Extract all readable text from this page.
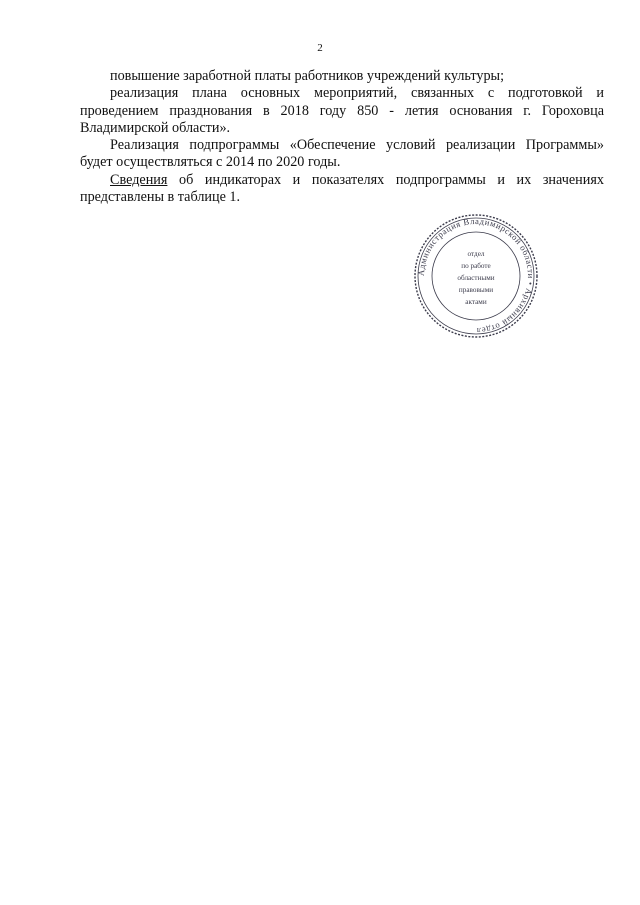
2

повышение заработной платы работников учреждений культуры;

реализация плана основных мероприятий, связанных с подготовкой и проведением празднования в 2018 году 850 - летия основания г. Гороховца Владимирской области».

Реализация подпрограммы «Обеспечение условий реализации Программы» будет осуществляться с 2014 по 2020 годы.

Сведения об индикаторах и показателях подпрограммы и их значениях представлены в таблице 1.

Администрация Владимирской области • Архивный отдел
отдел
по работе
областными
правовыми
актами
